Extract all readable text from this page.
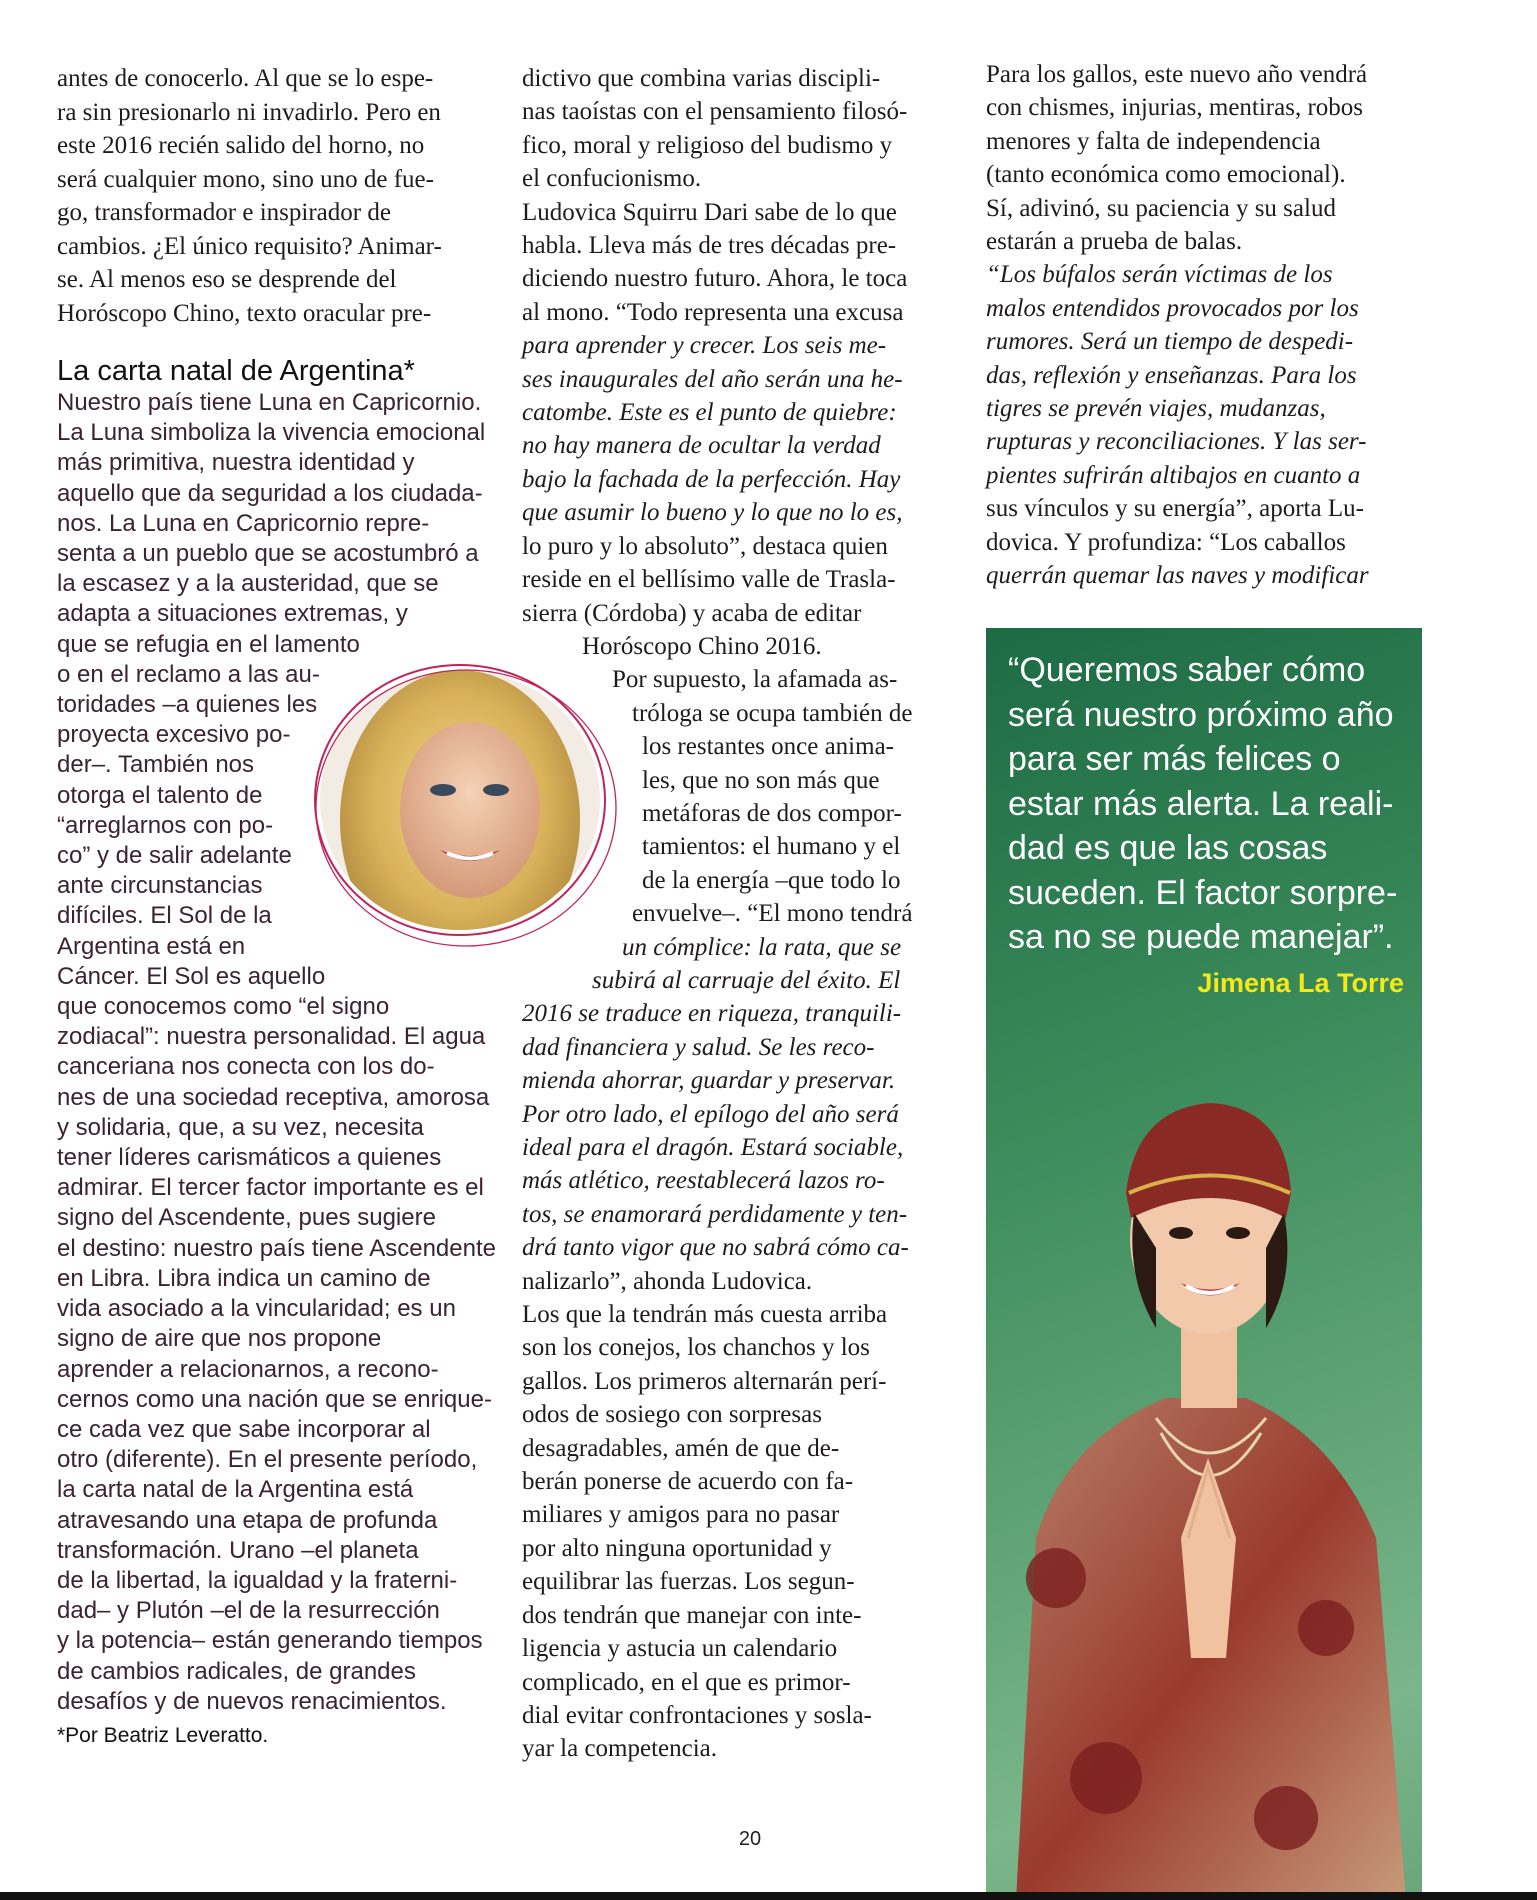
antes de conocerlo. Al que se lo espe-
ra sin presionarlo ni invadirlo. Pero en
este 2016 recién salido del horno, no
será cualquier mono, sino uno de fue-
go, transformador e inspirador de
cambios. ¿El único requisito? Animar-
se. Al menos eso se desprende del
Horóscopo Chino, texto oracular pre-
La carta natal de Argentina*
Nuestro país tiene Luna en Capricornio.
La Luna simboliza la vivencia emocional
más primitiva, nuestra identidad y
aquello que da seguridad a los ciudada-
nos. La Luna en Capricornio repre-
senta a un pueblo que se acostumbró a
la escasez y a la austeridad, que se
adapta a situaciones extremas, y
que se refugia en el lamento
o en el reclamo a las au-
toridades –a quienes les
proyecta excesivo po-
der–. También nos
otorga el talento de
“arreglarnos con po-
co” y de salir adelante
ante circunstancias
difíciles. El Sol de la
Argentina está en
Cáncer. El Sol es aquello
que conocemos como “el signo
zodiacal”: nuestra personalidad. El agua
canceriana nos conecta con los do-
nes de una sociedad receptiva, amorosa
y solidaria, que, a su vez, necesita
tener líderes carismáticos a quienes
admirar. El tercer factor importante es el
signo del Ascendente, pues sugiere
el destino: nuestro país tiene Ascendente
en Libra. Libra indica un camino de
vida asociado a la vincularidad; es un
signo de aire que nos propone
aprender a relacionarnos, a recono-
cernos como una nación que se enrique-
ce cada vez que sabe incorporar al
otro (diferente). En el presente período,
la carta natal de la Argentina está
atravesando una etapa de profunda
transformación. Urano –el planeta
de la libertad, la igualdad y la fraterni-
dad– y Plutón –el de la resurrección
y la potencia– están generando tiempos
de cambios radicales, de grandes
desafíos y de nuevos renacimientos.
*Por Beatriz Leveratto.
dictivo que combina varias discipli-
nas taoístas con el pensamiento filosó-
fico, moral y religioso del budismo y
el confucionismo.
Ludovica Squirru Dari sabe de lo que
habla. Lleva más de tres décadas pre-
diciendo nuestro futuro. Ahora, le toca
al mono. “Todo representa una excusa
para aprender y crecer. Los seis me-
ses inaugurales del año serán una he-
catombe. Este es el punto de quiebre:
no hay manera de ocultar la verdad
bajo la fachada de la perfección. Hay
que asumir lo bueno y lo que no lo es,
lo puro y lo absoluto”, destaca quien
reside en el bellísimo valle de Trasla-
sierra (Córdoba) y acaba de editar
Horóscopo Chino 2016.
Por supuesto, la afamada as-
tróloga se ocupa también de
los restantes once anima-
les, que no son más que
metáforas de dos compor-
tamientos: el humano y el
de la energía –que todo lo
envuelve–. “El mono tendrá
un cómplice: la rata, que se
subirá al carruaje del éxito. El
2016 se traduce en riqueza, tranquili-
dad financiera y salud. Se les reco-
mienda ahorrar, guardar y preservar.
Por otro lado, el epílogo del año será
ideal para el dragón. Estará sociable,
más atlético, reestablecerá lazos ro-
tos, se enamorará perdidamente y ten-
drá tanto vigor que no sabrá cómo ca-
nalizarlo”, ahonda Ludovica.
Los que la tendrán más cuesta arriba
son los conejos, los chanchos y los
gallos. Los primeros alternarán perí-
odos de sosiego con sorpresas
desagradables, amén de que de-
berán ponerse de acuerdo con fa-
miliares y amigos para no pasar
por alto ninguna oportunidad y
equilibrar las fuerzas. Los segun-
dos tendrán que manejar con inte-
ligencia y astucia un calendario
complicado, en el que es primor-
dial evitar confrontaciones y sosla-
yar la competencia.
Para los gallos, este nuevo año vendrá
con chismes, injurias, mentiras, robos
menores y falta de independencia
(tanto económica como emocional).
Sí, adivinó, su paciencia y su salud
estarán a prueba de balas.
“Los búfalos serán víctimas de los
malos entendidos provocados por los
rumores. Será un tiempo de despedi-
das, reflexión y enseñanzas. Para los
tigres se prevén viajes, mudanzas,
rupturas y reconciliaciones. Y las ser-
pientes sufrirán altibajos en cuanto a
sus vínculos y su energía”, aporta Lu-
dovica. Y profundiza: “Los caballos
querrán quemar las naves y modificar
“Queremos saber cómo
será nuestro próximo año
para ser más felices o
estar más alerta. La reali-
dad es que las cosas
suceden. El factor sorpre-
sa no se puede manejar”.
Jimena La Torre
20
